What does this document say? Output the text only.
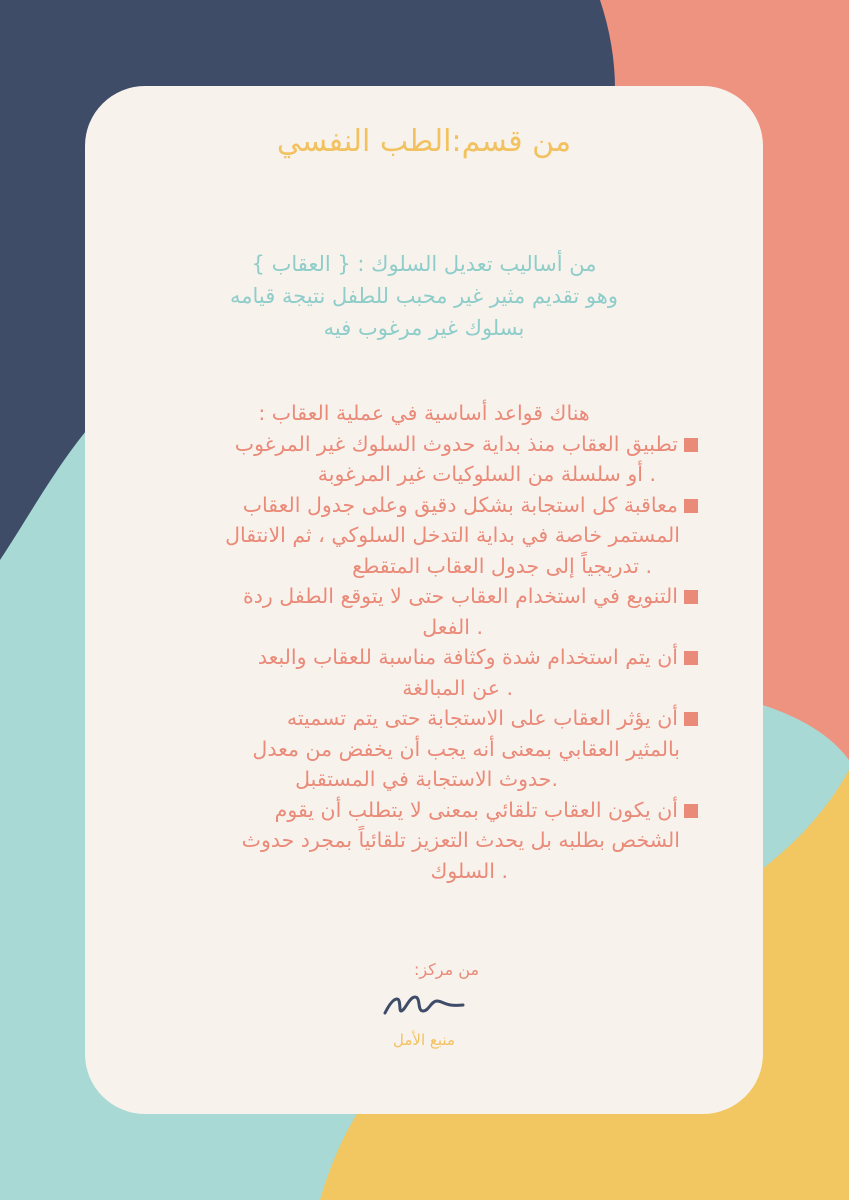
من قسم:الطب النفسي

من أساليب تعديل السلوك : { العقاب }

وهو تقديم مثير غير محبب للطفل نتيجة قيامه

بسلوك غير مرغوب فيه

هناك قواعد أساسية في عملية العقاب :

تطبيق العقاب منذ بداية حدوث السلوك غير المرغوب

. أو سلسلة من السلوكيات غير المرغوبة

معاقبة كل استجابة بشكل دقيق وعلى جدول العقاب

المستمر خاصة في بداية التدخل السلوكي ، ثم الانتقال

. تدريجياً إلى جدول العقاب المتقطع

التنويع في استخدام العقاب حتى لا يتوقع الطفل ردة

. الفعل

أن يتم استخدام شدة وكثافة مناسبة للعقاب والبعد

. عن المبالغة

أن يؤثر العقاب على الاستجابة حتى يتم تسميته

بالمثير العقابي بمعنى أنه يجب أن يخفض من معدل

.حدوث الاستجابة في المستقبل

أن يكون العقاب تلقائي بمعنى لا يتطلب أن يقوم

الشخص بطلبه بل يحدث التعزيز تلقائياً بمجرد حدوث

. السلوك

من مركز:
منبع الأمل
